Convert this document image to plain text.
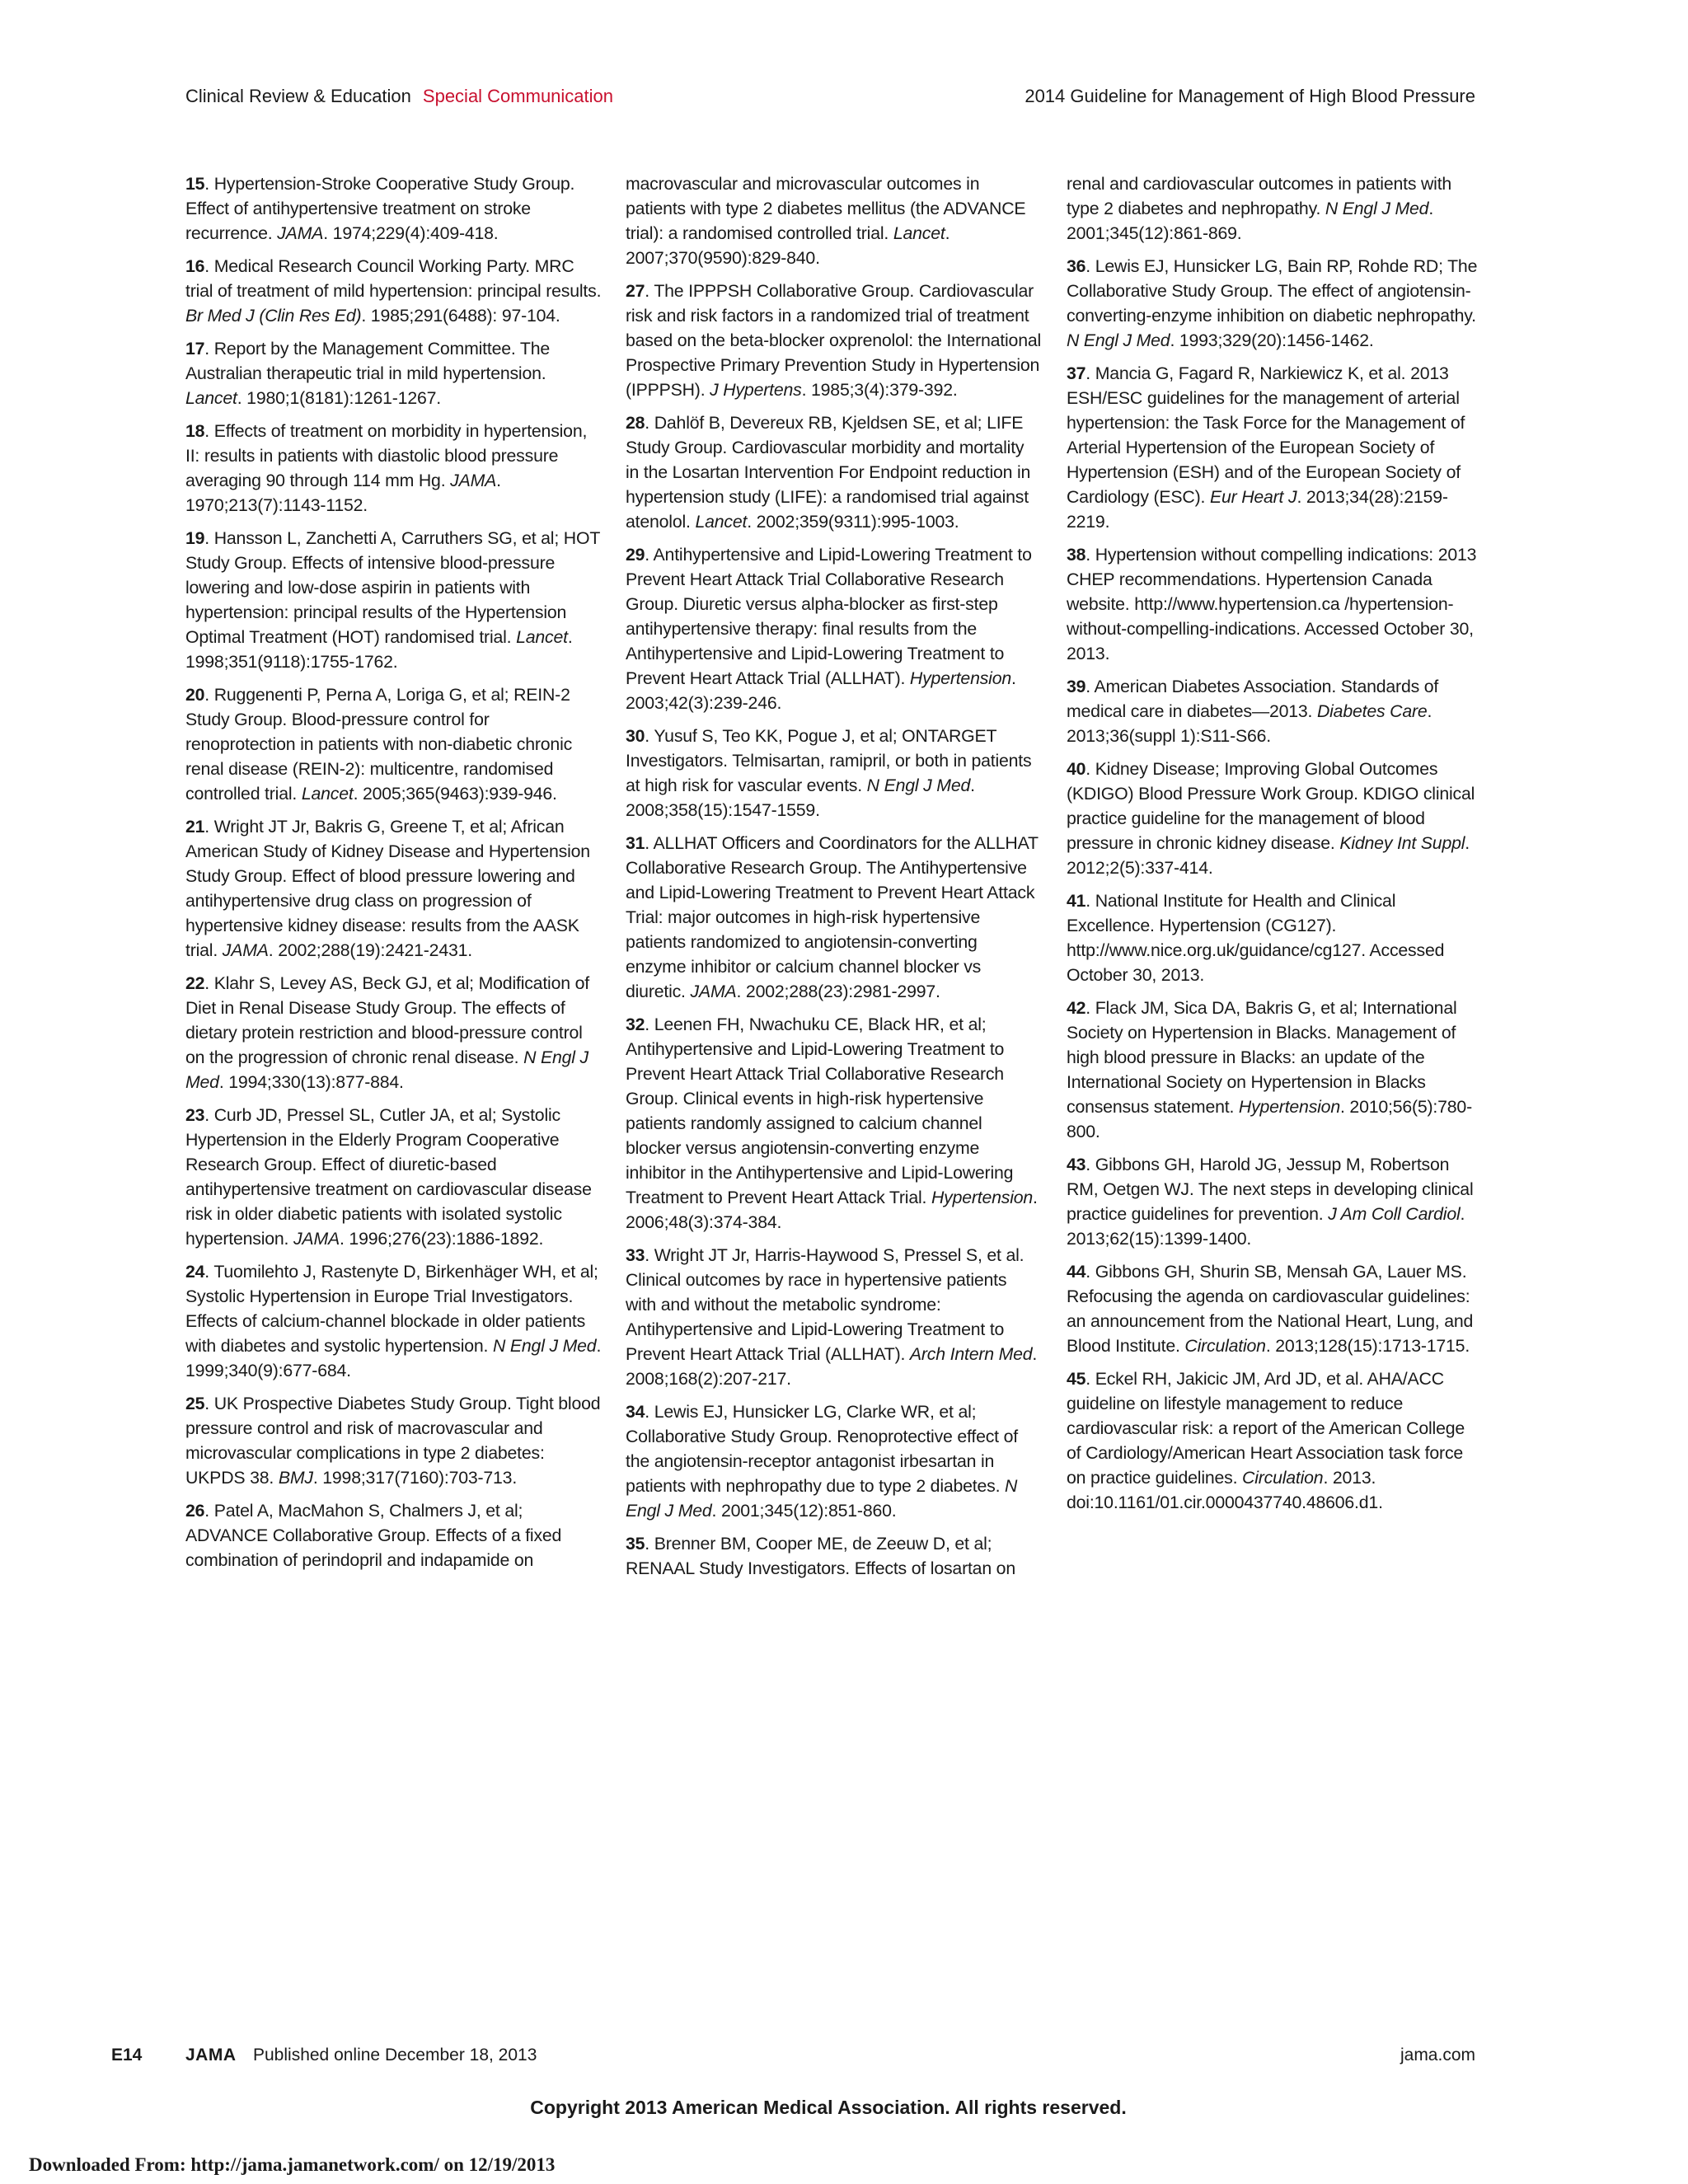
Clinical Review & Education Special Communication	2014 Guideline for Management of High Blood Pressure

15. Hypertension-Stroke Cooperative Study Group. Effect of antihypertensive treatment on stroke recurrence. JAMA. 1974;229(4):409-418.

16. Medical Research Council Working Party. MRC trial of treatment of mild hypertension: principal results. Br Med J (Clin Res Ed). 1985;291(6488): 97-104.

17. Report by the Management Committee. The Australian therapeutic trial in mild hypertension. Lancet. 1980;1(8181):1261-1267.

18. Effects of treatment on morbidity in hypertension, II: results in patients with diastolic blood pressure averaging 90 through 114 mm Hg. JAMA. 1970;213(7):1143-1152.

19. Hansson L, Zanchetti A, Carruthers SG, et al; HOT Study Group. Effects of intensive blood-pressure lowering and low-dose aspirin in patients with hypertension: principal results of the Hypertension Optimal Treatment (HOT) randomised trial. Lancet. 1998;351(9118):1755-1762.

20. Ruggenenti P, Perna A, Loriga G, et al; REIN-2 Study Group. Blood-pressure control for renoprotection in patients with non-diabetic chronic renal disease (REIN-2): multicentre, randomised controlled trial. Lancet. 2005;365(9463):939-946.

21. Wright JT Jr, Bakris G, Greene T, et al; African American Study of Kidney Disease and Hypertension Study Group. Effect of blood pressure lowering and antihypertensive drug class on progression of hypertensive kidney disease: results from the AASK trial. JAMA. 2002;288(19):2421-2431.

22. Klahr S, Levey AS, Beck GJ, et al; Modification of Diet in Renal Disease Study Group. The effects of dietary protein restriction and blood-pressure control on the progression of chronic renal disease. N Engl J Med. 1994;330(13):877-884.

23. Curb JD, Pressel SL, Cutler JA, et al; Systolic Hypertension in the Elderly Program Cooperative Research Group. Effect of diuretic-based antihypertensive treatment on cardiovascular disease risk in older diabetic patients with isolated systolic hypertension. JAMA. 1996;276(23):1886-1892.

24. Tuomilehto J, Rastenyte D, Birkenhäger WH, et al; Systolic Hypertension in Europe Trial Investigators. Effects of calcium-channel blockade in older patients with diabetes and systolic hypertension. N Engl J Med. 1999;340(9):677-684.

25. UK Prospective Diabetes Study Group. Tight blood pressure control and risk of macrovascular and microvascular complications in type 2 diabetes: UKPDS 38. BMJ. 1998;317(7160):703-713.

26. Patel A, MacMahon S, Chalmers J, et al; ADVANCE Collaborative Group. Effects of a fixed combination of perindopril and indapamide on

macrovascular and microvascular outcomes in patients with type 2 diabetes mellitus (the ADVANCE trial): a randomised controlled trial. Lancet. 2007;370(9590):829-840.

27. The IPPPSH Collaborative Group. Cardiovascular risk and risk factors in a randomized trial of treatment based on the beta-blocker oxprenolol: the International Prospective Primary Prevention Study in Hypertension (IPPPSH). J Hypertens. 1985;3(4):379-392.

28. Dahlöf B, Devereux RB, Kjeldsen SE, et al; LIFE Study Group. Cardiovascular morbidity and mortality in the Losartan Intervention For Endpoint reduction in hypertension study (LIFE): a randomised trial against atenolol. Lancet. 2002;359(9311):995-1003.

29. Antihypertensive and Lipid-Lowering Treatment to Prevent Heart Attack Trial Collaborative Research Group. Diuretic versus alpha-blocker as first-step antihypertensive therapy: final results from the Antihypertensive and Lipid-Lowering Treatment to Prevent Heart Attack Trial (ALLHAT). Hypertension. 2003;42(3):239-246.

30. Yusuf S, Teo KK, Pogue J, et al; ONTARGET Investigators. Telmisartan, ramipril, or both in patients at high risk for vascular events. N Engl J Med. 2008;358(15):1547-1559.

31. ALLHAT Officers and Coordinators for the ALLHAT Collaborative Research Group. The Antihypertensive and Lipid-Lowering Treatment to Prevent Heart Attack Trial: major outcomes in high-risk hypertensive patients randomized to angiotensin-converting enzyme inhibitor or calcium channel blocker vs diuretic. JAMA. 2002;288(23):2981-2997.

32. Leenen FH, Nwachuku CE, Black HR, et al; Antihypertensive and Lipid-Lowering Treatment to Prevent Heart Attack Trial Collaborative Research Group. Clinical events in high-risk hypertensive patients randomly assigned to calcium channel blocker versus angiotensin-converting enzyme inhibitor in the Antihypertensive and Lipid-Lowering Treatment to Prevent Heart Attack Trial. Hypertension. 2006;48(3):374-384.

33. Wright JT Jr, Harris-Haywood S, Pressel S, et al. Clinical outcomes by race in hypertensive patients with and without the metabolic syndrome: Antihypertensive and Lipid-Lowering Treatment to Prevent Heart Attack Trial (ALLHAT). Arch Intern Med. 2008;168(2):207-217.

34. Lewis EJ, Hunsicker LG, Clarke WR, et al; Collaborative Study Group. Renoprotective effect of the angiotensin-receptor antagonist irbesartan in patients with nephropathy due to type 2 diabetes. N Engl J Med. 2001;345(12):851-860.

35. Brenner BM, Cooper ME, de Zeeuw D, et al; RENAAL Study Investigators. Effects of losartan on

renal and cardiovascular outcomes in patients with type 2 diabetes and nephropathy. N Engl J Med. 2001;345(12):861-869.

36. Lewis EJ, Hunsicker LG, Bain RP, Rohde RD; The Collaborative Study Group. The effect of angiotensin-converting-enzyme inhibition on diabetic nephropathy. N Engl J Med. 1993;329(20):1456-1462.

37. Mancia G, Fagard R, Narkiewicz K, et al. 2013 ESH/ESC guidelines for the management of arterial hypertension: the Task Force for the Management of Arterial Hypertension of the European Society of Hypertension (ESH) and of the European Society of Cardiology (ESC). Eur Heart J. 2013;34(28):2159-2219.

38. Hypertension without compelling indications: 2013 CHEP recommendations. Hypertension Canada website. http://www.hypertension.ca /hypertension-without-compelling-indications. Accessed October 30, 2013.

39. American Diabetes Association. Standards of medical care in diabetes—2013. Diabetes Care. 2013;36(suppl 1):S11-S66.

40. Kidney Disease; Improving Global Outcomes (KDIGO) Blood Pressure Work Group. KDIGO clinical practice guideline for the management of blood pressure in chronic kidney disease. Kidney Int Suppl. 2012;2(5):337-414.

41. National Institute for Health and Clinical Excellence. Hypertension (CG127). http://www.nice.org.uk/guidance/cg127. Accessed October 30, 2013.

42. Flack JM, Sica DA, Bakris G, et al; International Society on Hypertension in Blacks. Management of high blood pressure in Blacks: an update of the International Society on Hypertension in Blacks consensus statement. Hypertension. 2010;56(5):780-800.

43. Gibbons GH, Harold JG, Jessup M, Robertson RM, Oetgen WJ. The next steps in developing clinical practice guidelines for prevention. J Am Coll Cardiol. 2013;62(15):1399-1400.

44. Gibbons GH, Shurin SB, Mensah GA, Lauer MS. Refocusing the agenda on cardiovascular guidelines: an announcement from the National Heart, Lung, and Blood Institute. Circulation. 2013;128(15):1713-1715.

45. Eckel RH, Jakicic JM, Ard JD, et al. AHA/ACC guideline on lifestyle management to reduce cardiovascular risk: a report of the American College of Cardiology/American Heart Association task force on practice guidelines. Circulation. 2013. doi:10.1161/01.cir.0000437740.48606.d1.

E14	JAMA Published online December 18, 2013	jama.com
Copyright 2013 American Medical Association. All rights reserved.
Downloaded From: http://jama.jamanetwork.com/ on 12/19/2013
